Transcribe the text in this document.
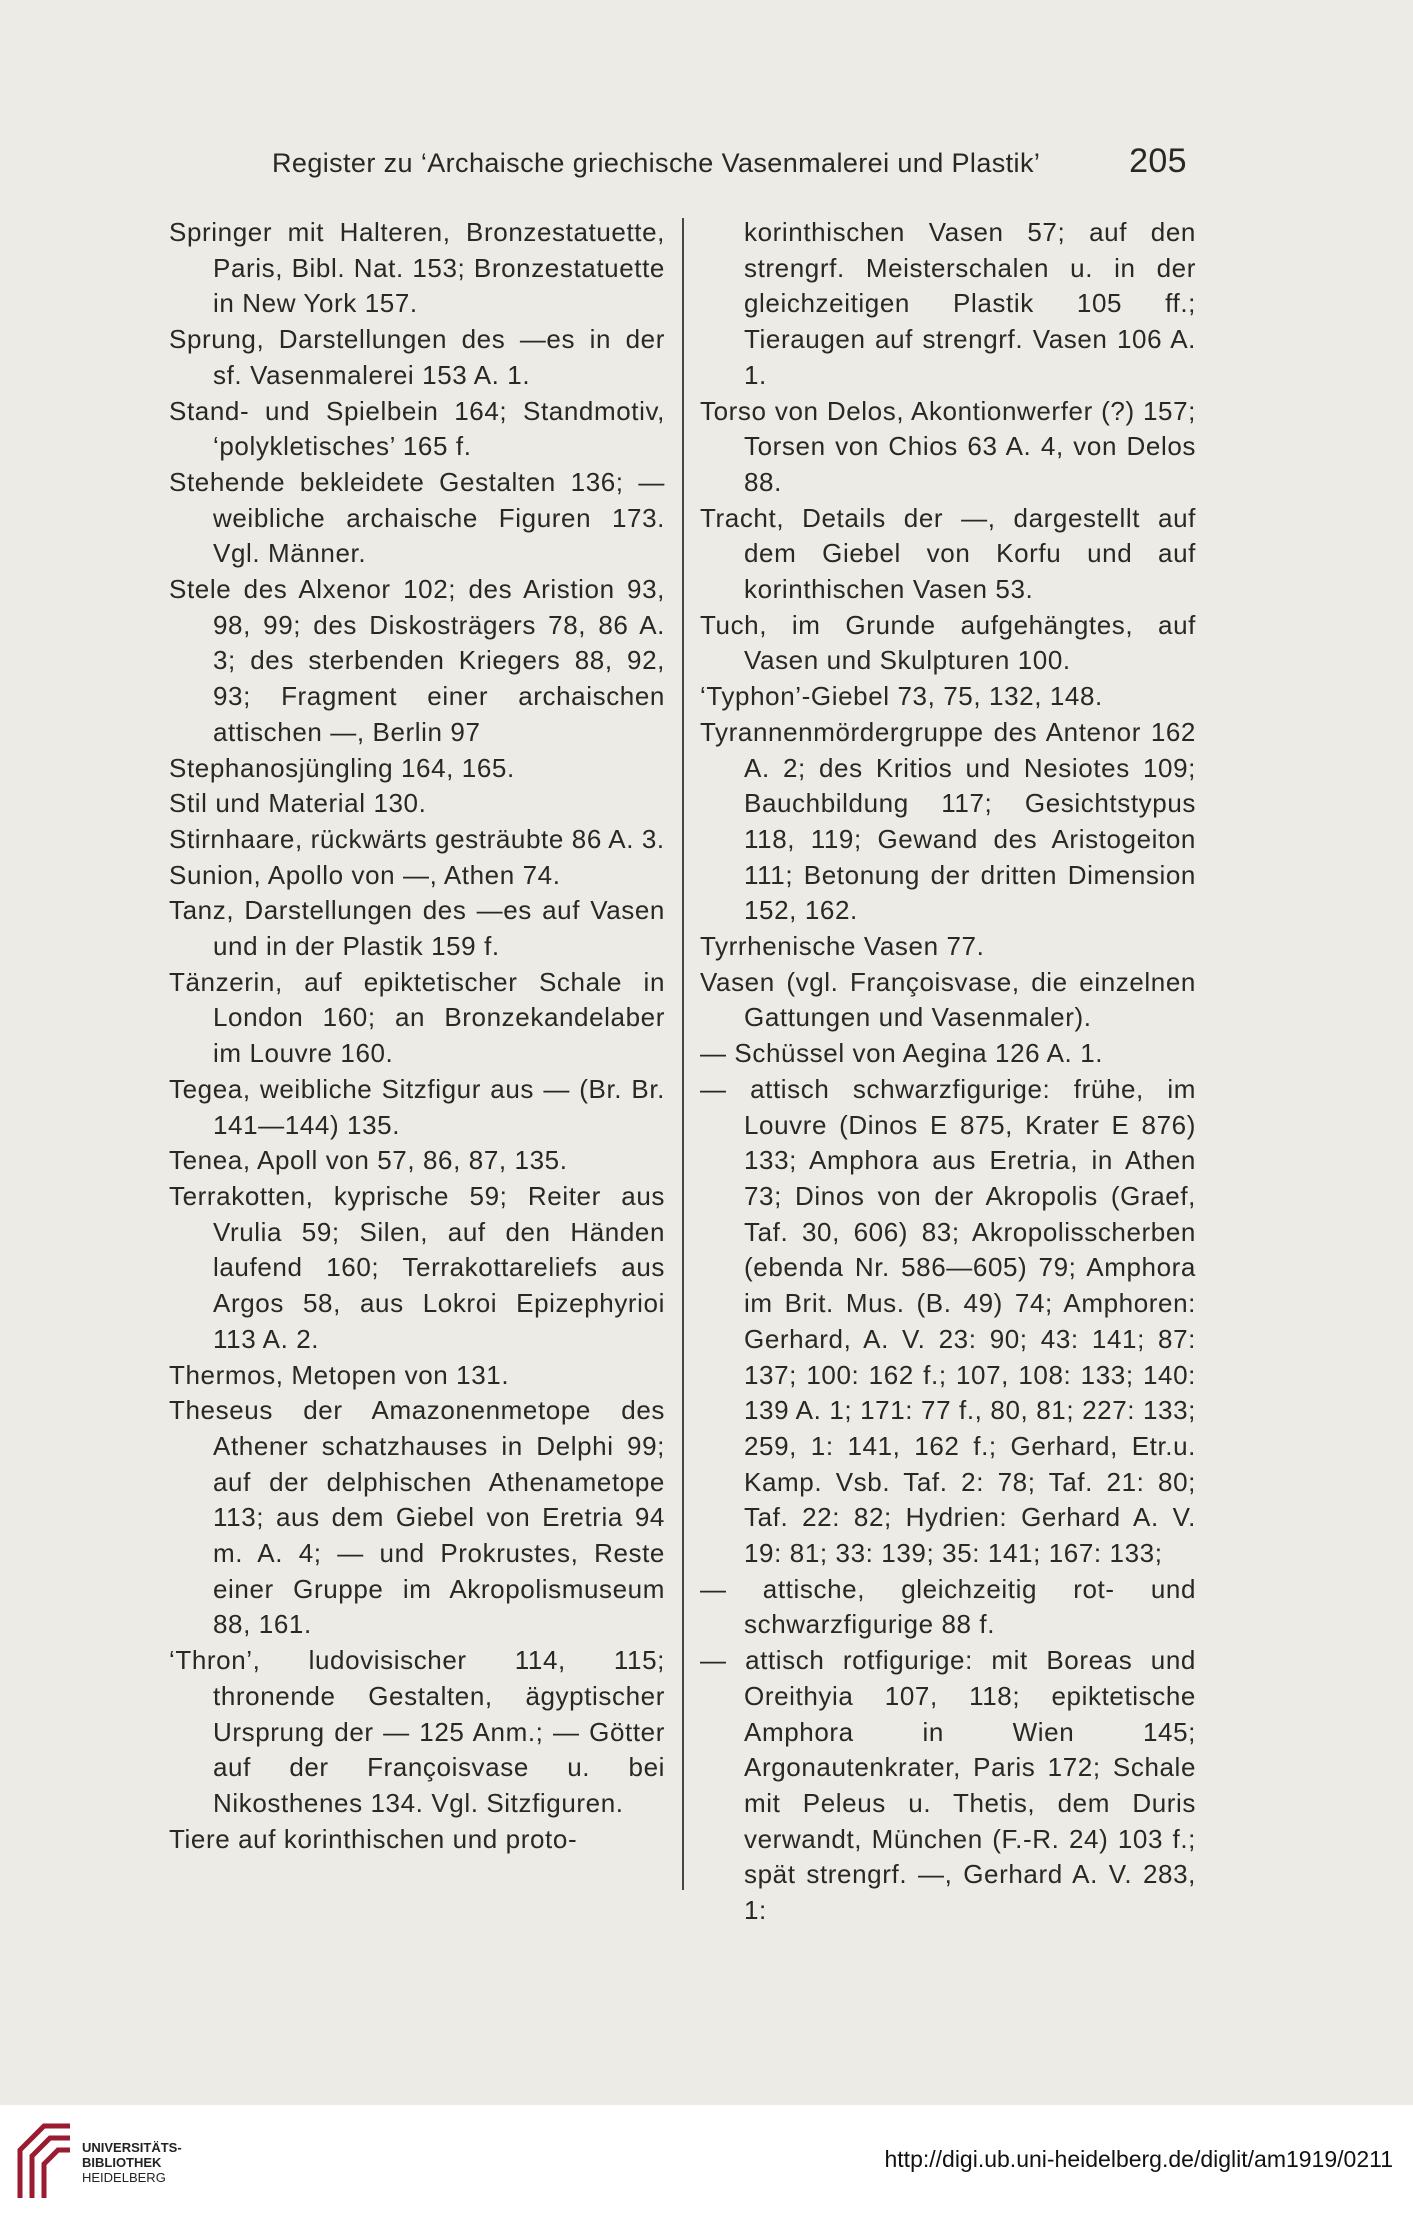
Register zu ‘Archaische griechische Vasenmalerei und Plastik’	205

Springer mit Halteren, Bronzestatuette, Paris, Bibl. Nat. 153; Bronzestatuette in New York 157.

Sprung, Darstellungen des —es in der sf. Vasenmalerei 153 A. 1.

Stand- und Spielbein 164; Standmotiv, ‘polykletisches’ 165 f.

Stehende bekleidete Gestalten 136; — weibliche archaische Figuren 173. Vgl. Männer.

Stele des Alxenor 102; des Aristion 93, 98, 99; des Diskosträgers 78, 86 A. 3; des sterbenden Kriegers 88, 92, 93; Fragment einer archaischen attischen —, Berlin 97

Stephanosjüngling 164, 165.

Stil und Material 130.

Stirnhaare, rückwärts gesträubte 86 A. 3.

Sunion, Apollo von —, Athen 74.

Tanz, Darstellungen des —es auf Vasen und in der Plastik 159 f.

Tänzerin, auf epiktetischer Schale in London 160; an Bronzekandelaber im Louvre 160.

Tegea, weibliche Sitzfigur aus — (Br. Br. 141—144) 135.

Tenea, Apoll von 57, 86, 87, 135.

Terrakotten, kyprische 59; Reiter aus Vrulia 59; Silen, auf den Händen laufend 160; Terrakottareliefs aus Argos 58, aus Lokroi Epizephyrioi 113 A. 2.

Thermos, Metopen von 131.

Theseus der Amazonenmetope des Athener schatzhauses in Delphi 99; auf der delphischen Athenametope 113; aus dem Giebel von Eretria 94 m. A. 4; — und Prokrustes, Reste einer Gruppe im Akropolismuseum 88, 161.

‘Thron’, ludovisischer 114, 115; thronende Gestalten, ägyptischer Ursprung der — 125 Anm.; — Götter auf der Françoisvase u. bei Nikosthenes 134. Vgl. Sitzfiguren.

Tiere auf korinthischen und proto-

korinthischen Vasen 57; auf den strengrf. Meisterschalen u. in der gleichzeitigen Plastik 105 ff.; Tieraugen auf strengrf. Vasen 106 A. 1.

Torso von Delos, Akontionwerfer (?) 157; Torsen von Chios 63 A. 4, von Delos 88.

Tracht, Details der —, dargestellt auf dem Giebel von Korfu und auf korinthischen Vasen 53.

Tuch, im Grunde aufgehängtes, auf Vasen und Skulpturen 100.

‘Typhon’-Giebel 73, 75, 132, 148.

Tyrannenmördergruppe des Antenor 162 A. 2; des Kritios und Nesiotes 109; Bauchbildung 117; Gesichtstypus 118, 119; Gewand des Aristogeiton 111; Betonung der dritten Dimension 152, 162.

Tyrrhenische Vasen 77.

Vasen (vgl. Françoisvase, die einzelnen Gattungen und Vasenmaler).

— Schüssel von Aegina 126 A. 1.

— attisch schwarzfigurige: frühe, im Louvre (Dinos E 875, Krater E 876) 133; Amphora aus Eretria, in Athen 73; Dinos von der Akropolis (Graef, Taf. 30, 606) 83; Akropolisscherben (ebenda Nr. 586—605) 79; Amphora im Brit. Mus. (B. 49) 74; Amphoren: Gerhard, A. V. 23: 90; 43: 141; 87: 137; 100: 162 f.; 107, 108: 133; 140: 139 A. 1; 171: 77 f., 80, 81; 227: 133; 259, 1: 141, 162 f.; Gerhard, Etr.u. Kamp. Vsb. Taf. 2: 78; Taf. 21: 80; Taf. 22: 82; Hydrien: Gerhard A. V. 19: 81; 33: 139; 35: 141; 167: 133;

— attische, gleichzeitig rot- und schwarzfigurige 88 f.

— attisch rotfigurige: mit Boreas und Oreithyia 107, 118; epiktetische Amphora in Wien 145; Argonautenkrater, Paris 172; Schale mit Peleus u. Thetis, dem Duris verwandt, München (F.-R. 24) 103 f.; spät strengrf. —, Gerhard A. V. 283, 1:

UNIVERSITÄTS-
BIBLIOTHEK
HEIDELBERG
http://digi.ub.uni-heidelberg.de/diglit/am1919/0211
